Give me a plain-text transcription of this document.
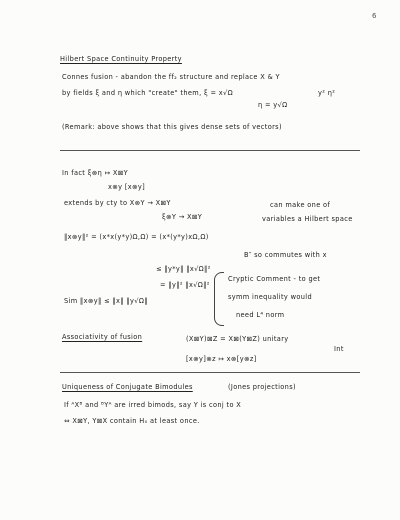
6
Hilbert Space Continuity Property
Connes fusion - abandon the ff₂ structure and replace X & Y
by fields ξ and η which "create" them, ξ = x√Ω	y² η²
η = y√Ω
(Remark: above shows that this gives dense sets of vectors)
In fact ξ⊗η ↦ X⊠Y
x⊗y [x⊗y]
extends by cty to X⊗Y → X⊠Y	can make one of
ξ⊗Y → X⊠Y	variables a Hilbert space
‖x⊗y‖² = (x*x(y*y)Ω,Ω) = (x*(y*y)xΩ,Ω)
B″ so commutes with x
≤ ‖y*y‖ ‖x√Ω‖²
= ‖y‖² ‖x√Ω‖²
Sim ‖x⊗y‖ ≤ ‖x‖ ‖y√Ω‖
Cryptic Comment - to get
symm inequality would
need L⁴ norm
Associativity of fusion	(X⊠Y)⊠Z = X⊠(Y⊠Z) unitary
Int
[x⊗y]⊗z ↦ x⊗[y⊗z]
Uniqueness of Conjugate Bimodules	(Jones projections)
If ᴬXᴮ and ᴮYᴬ are irred bimods, say Y is conj to X
⇔ X⊠Y, Y⊠X contain H₀ at least once.
